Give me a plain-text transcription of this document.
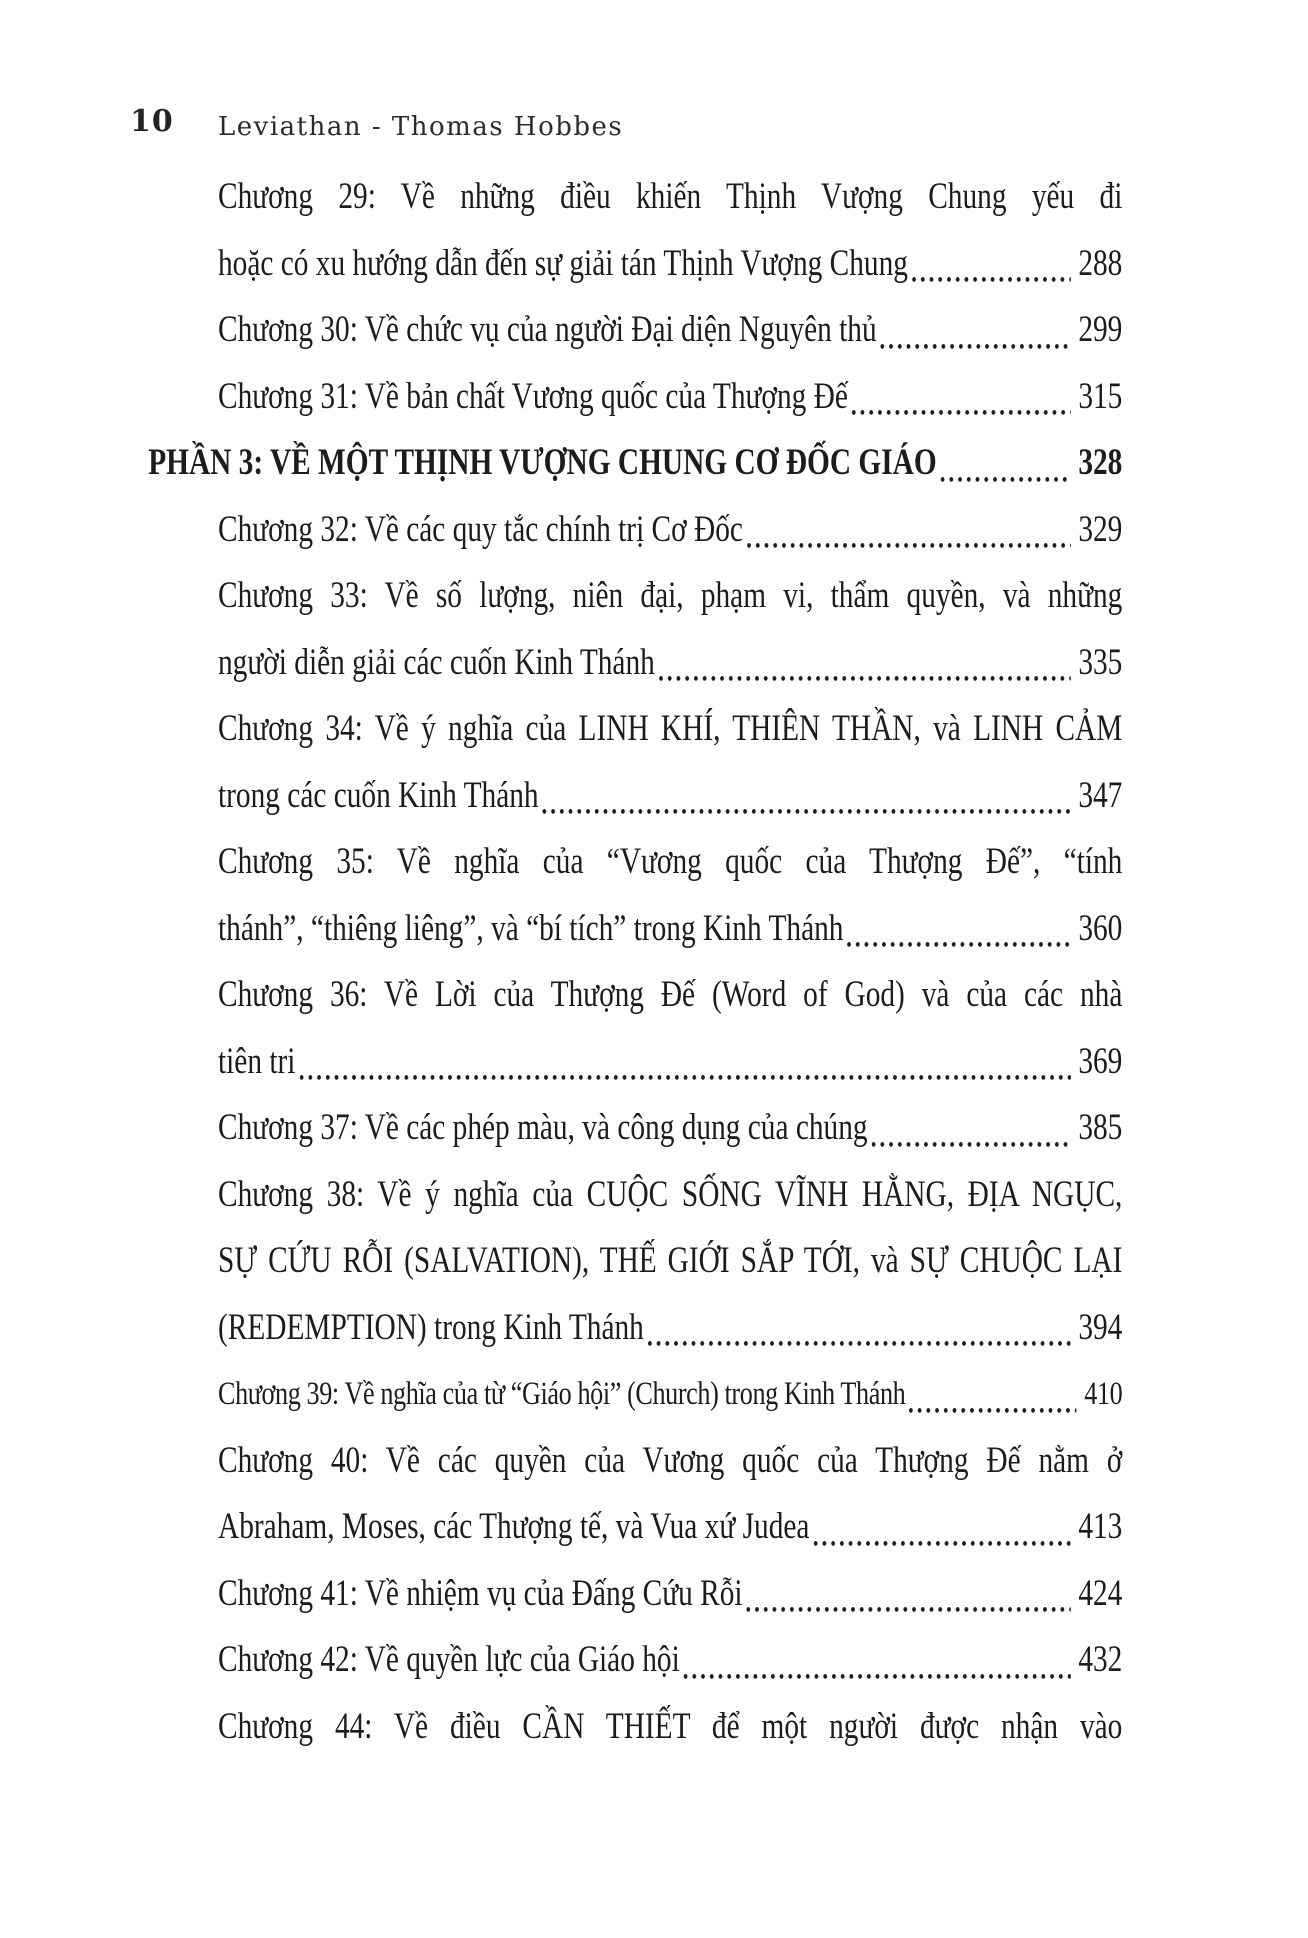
10 Leviathan - Thomas Hobbes
Chương 29: Về những điều khiến Thịnh Vượng Chung yếu đi
hoặc có xu hướng dẫn đến sự giải tán Thịnh Vượng Chung	288
Chương 30: Về chức vụ của người Đại diện Nguyên thủ	299
Chương 31: Về bản chất Vương quốc của Thượng Đế	315
PHẦN 3: VỀ MỘT THỊNH VƯỢNG CHUNG CƠ ĐỐC GIÁO	328
Chương 32: Về các quy tắc chính trị Cơ Đốc	329
Chương 33: Về số lượng, niên đại, phạm vi, thẩm quyền, và những
người diễn giải các cuốn Kinh Thánh	335
Chương 34: Về ý nghĩa của LINH KHÍ, THIÊN THẦN, và LINH CẢM
trong các cuốn Kinh Thánh	347
Chương 35: Về nghĩa của “Vương quốc của Thượng Đế”, “tính
thánh”, “thiêng liêng”, và “bí tích” trong Kinh Thánh	360
Chương 36: Về Lời của Thượng Đế (Word of God) và của các nhà
tiên tri	369
Chương 37: Về các phép màu, và công dụng của chúng	385
Chương 38: Về ý nghĩa của CUỘC SỐNG VĨNH HẰNG, ĐỊA NGỤC,
SỰ CỨU RỖI (SALVATION), THẾ GIỚI SẮP TỚI, và SỰ CHUỘC LẠI
(REDEMPTION) trong Kinh Thánh	394
Chương 39: Về nghĩa của từ “Giáo hội” (Church) trong Kinh Thánh	410
Chương 40: Về các quyền của Vương quốc của Thượng Đế nằm ở
Abraham, Moses, các Thượng tế, và Vua xứ Judea	413
Chương 41: Về nhiệm vụ của Đấng Cứu Rỗi	424
Chương 42: Về quyền lực của Giáo hội	432
Chương 44: Về điều CẦN THIẾT để một người được nhận vào
